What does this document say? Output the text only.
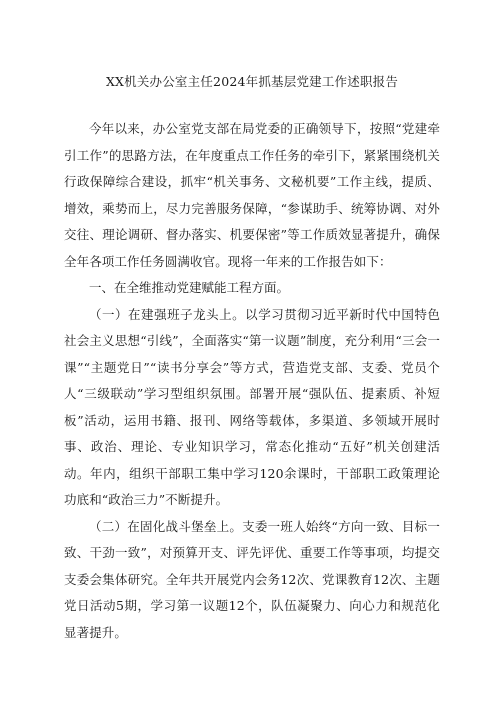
XX机关办公室主任2024年抓基层党建工作述职报告

今年以来，办公室党支部在局党委的正确领导下，按照“党建牵引工作”的思路方法，在年度重点工作任务的牵引下，紧紧围绕机关行政保障综合建设，抓牢“机关事务、文秘机要”工作主线，提质、增效，乘势而上，尽力完善服务保障，“参谋助手、统筹协调、对外交往、理论调研、督办落实、机要保密”等工作质效显著提升，确保全年各项工作任务圆满收官。现将一年来的工作报告如下：

一、在全维推动党建赋能工程方面。

（一）在建强班子龙头上。以学习贯彻习近平新时代中国特色社会主义思想“引线”，全面落实“第一议题”制度，充分利用“三会一课”“主题党日”“读书分享会”等方式，营造党支部、支委、党员个人“三级联动”学习型组织氛围。部署开展“强队伍、提素质、补短板”活动，运用书籍、报刊、网络等载体，多渠道、多领域开展时事、政治、理论、专业知识学习，常态化推动“五好”机关创建活动。年内，组织干部职工集中学习120余课时，干部职工政策理论功底和“政治三力”不断提升。

（二）在固化战斗堡垒上。支委一班人始终“方向一致、目标一致、干劲一致”，对预算开支、评先评优、重要工作等事项，均提交支委会集体研究。全年共开展党内会务12次、党课教育12次、主题党日活动5期，学习第一议题12个，队伍凝聚力、向心力和规范化显著提升。
